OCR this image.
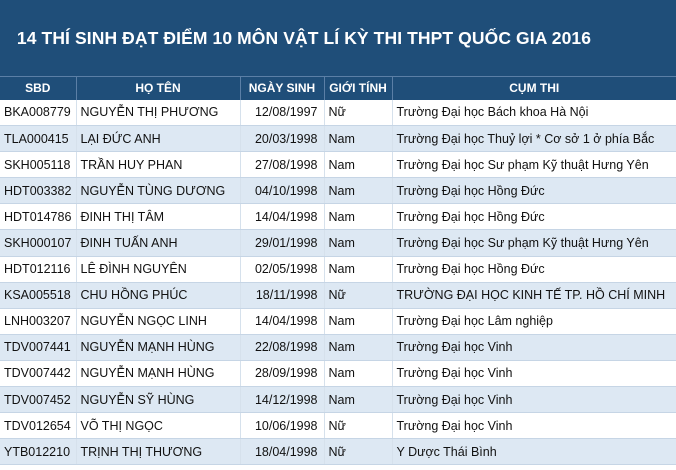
14 THÍ SINH ĐẠT ĐIỂM 10 MÔN VẬT LÍ KỲ THI THPT QUỐC GIA 2016
SBD	HỌ TÊN	NGÀY SINH	GIỚI TÍNH	CỤM THI
BKA008779	NGUYỄN THỊ PHƯƠNG	12/08/1997	Nữ	Trường Đại học Bách khoa Hà Nội
TLA000415	LẠI ĐỨC ANH	20/03/1998	Nam	Trường Đại học Thuỷ lợi * Cơ sở 1 ở phía Bắc
SKH005118	TRẦN HUY PHAN	27/08/1998	Nam	Trường Đại học Sư phạm Kỹ thuật Hưng Yên
HDT003382	NGUYỄN TÙNG DƯƠNG	04/10/1998	Nam	Trường Đại học Hồng Đức
HDT014786	ĐINH THỊ TÂM	14/04/1998	Nam	Trường Đại học Hồng Đức
SKH000107	ĐINH TUẤN ANH	29/01/1998	Nam	Trường Đại học Sư phạm Kỹ thuật Hưng Yên
HDT012116	LÊ ĐÌNH NGUYÊN	02/05/1998	Nam	Trường Đại học Hồng Đức
KSA005518	CHU HỒNG PHÚC	18/11/1998	Nữ	TRƯỜNG ĐẠI HỌC KINH TẾ TP. HỒ CHÍ MINH
LNH003207	NGUYỄN NGỌC LINH	14/04/1998	Nam	Trường Đại học Lâm nghiệp
TDV007441	NGUYỄN MẠNH HÙNG	22/08/1998	Nam	Trường Đại học Vinh
TDV007442	NGUYỄN MẠNH HÙNG	28/09/1998	Nam	Trường Đại học Vinh
TDV007452	NGUYỄN SỸ HÙNG	14/12/1998	Nam	Trường Đại học Vinh
TDV012654	VÕ THỊ NGỌC	10/06/1998	Nữ	Trường Đại học Vinh
YTB012210	TRỊNH THỊ THƯƠNG	18/04/1998	Nữ	Y Dược Thái Bình
